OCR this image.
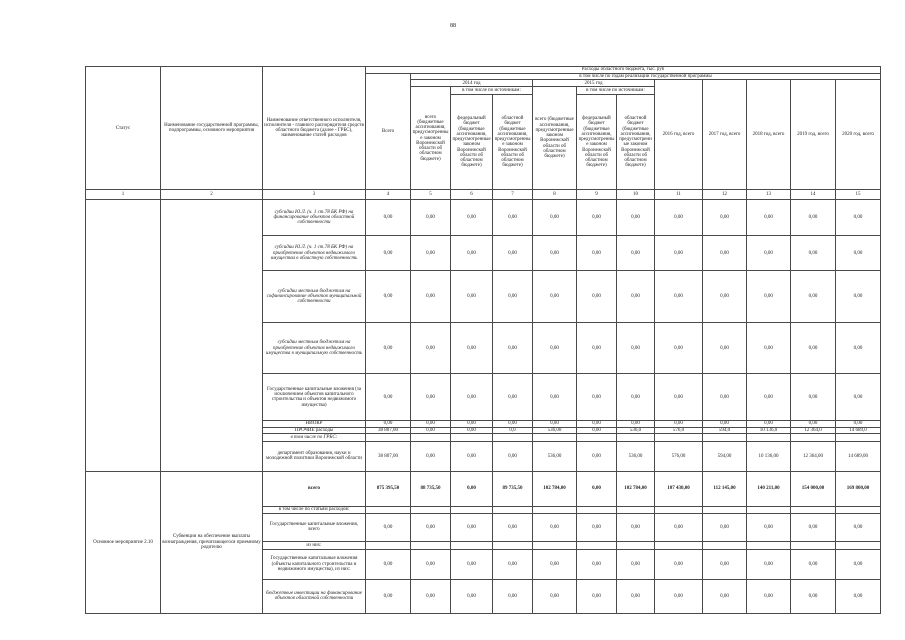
88
Статус	Наименование государственной программы, подпрограммы, основного мероприятия	Наименование ответственного исполнителя, исполнителя - главного распорядителя средств областного бюджета (далее - ГРБС), наименование статей расходов	Расходы областного бюджета, тыс. руб											
			Всего	в том числе по годам реализации государственной программы										
				2014 год			2015 год			2016 год, всего	2017 год, всего	2018 год, всего	2019 год, всего	2020 год, всего
				всего (бюджетные ассигнования, предусмотренные законом Воронежской области об областном бюджете)	в том числе по источникам:		всего (бюджетные ассигнования, предусмотренные законом Воронежской области об областном бюджете)	в том числе по источникам:						
					федеральный бюджет (бюджетные ассигнования, предусмотренные законом Воронежской области об областном бюджете)	областной бюджет (бюджетные ассигнования, предусмотренные законом Воронежской области об областном бюджете)		федеральный бюджет (бюджетные ассигнования, предусмотренные законом Воронежской области об областном бюджете)	областной бюджет (бюджетные ассигнования, предусмотренные законом Воронежской области об областном бюджете)					
1	2	3	4	5	6	7	8	9	10	11	12	13	14	15
		субсидии Ю.Л. (ч. 1 ст.78 БК РФ) на финансирование объектов областной собственности	0,00	0,00	0,00	0,00	0,00	0,00	0,00	0,00	0,00	0,00	0,00	0,00
		субсидии Ю.Л. (ч. 1 ст.78 БК РФ) на приобретение объектов недвижимого имущества в областную собственность	0,00	0,00	0,00	0,00	0,00	0,00	0,00	0,00	0,00	0,00	0,00	0,00
		субсидии местным бюджетам на софинансирование объектов муниципальной собственности	0,00	0,00	0,00	0,00	0,00	0,00	0,00	0,00	0,00	0,00	0,00	0,00
		субсидии местным бюджетам на приобретение объектов недвижимого имущества в муниципальную собственность	0,00	0,00	0,00	0,00	0,00	0,00	0,00	0,00	0,00	0,00	0,00	0,00
		Государственные капитальные вложения (за исключением объектов капитального строительства и объектов недвижимого имущества)	0,00	0,00	0,00	0,00	0,00	0,00	0,00	0,00	0,00	0,00	0,00	0,00
		НИОКР	0,00	0,00	0,00	0,00	0,00	0,00	0,00	0,00	0,00	0,00	0,00	0,00
		ПРОЧИЕ расходы	38 807,00	0,00	0,00	0,0	536,00	0,00	536,0	576,0	594,0	10 136,0	12 364,0	14 689,0
		в том числе по ГРБС:												
		департамент образования, науки и молодежной политики Воронежской области	38 807,00	0,00	0,00	0,00	536,00	0,00	536,00	576,00	594,00	10 136,00	12 364,00	14 689,00
Основное мероприятие 2.10	Субвенции на обеспечение выплаты вознаграждения, причитающегося приемному родителю	всего	875 395,50	88 735,50	0,00	89 735,50	102 784,00	0,00	102 784,00	107 430,00	112 145,00	140 211,00	154 000,00	169 800,00
		в том числе по статьям расходов:												
		Государственные капитальные вложения, всего	0,00	0,00	0,00	0,00	0,00	0,00	0,00	0,00	0,00	0,00	0,00	0,00
		из них:												
		Государственные капитальные вложения (объекты капитального строительства и недвижимого имущества), из них:	0,00	0,00	0,00	0,00	0,00	0,00	0,00	0,00	0,00	0,00	0,00	0,00
		бюджетные инвестиции на финансирование объектов областной собственности	0,00	0,00	0,00	0,00	0,00	0,00	0,00	0,00	0,00	0,00	0,00	0,00
